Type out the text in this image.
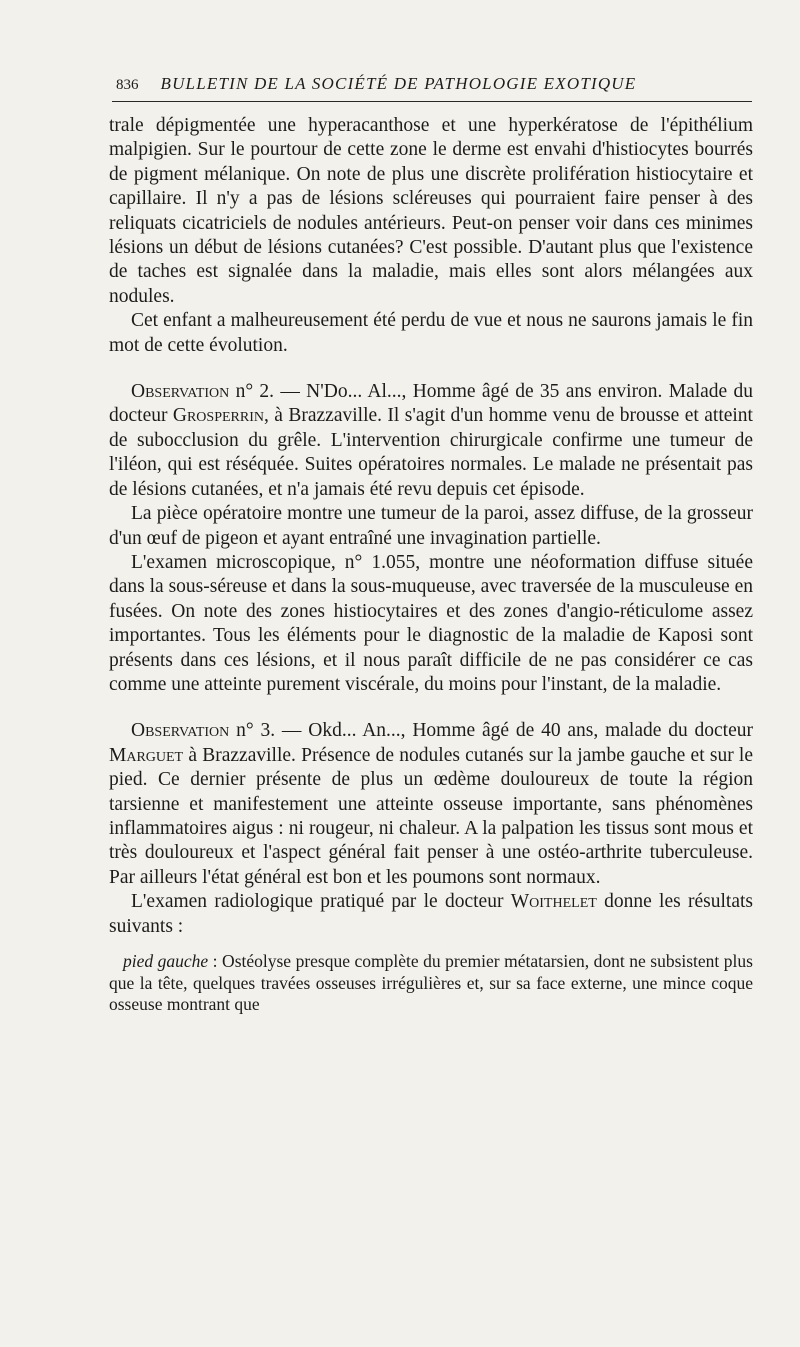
836 BULLETIN DE LA SOCIÉTÉ DE PATHOLOGIE EXOTIQUE

trale dépigmentée une hyperacanthose et une hyperkératose de l'épithélium malpigien. Sur le pourtour de cette zone le derme est envahi d'histiocytes bourrés de pigment mélanique. On note de plus une discrète prolifération histiocytaire et capillaire. Il n'y a pas de lésions scléreuses qui pourraient faire penser à des reliquats cicatriciels de nodules antérieurs. Peut-on penser voir dans ces minimes lésions un début de lésions cutanées? C'est possible. D'autant plus que l'existence de taches est signalée dans la maladie, mais elles sont alors mélangées aux nodules.

Cet enfant a malheureusement été perdu de vue et nous ne saurons jamais le fin mot de cette évolution.

Observation n° 2. — N'Do... Al..., Homme âgé de 35 ans environ. Malade du docteur Grosperrin, à Brazzaville. Il s'agit d'un homme venu de brousse et atteint de subocclusion du grêle. L'intervention chirurgicale confirme une tumeur de l'iléon, qui est réséquée. Suites opératoires normales. Le malade ne présentait pas de lésions cutanées, et n'a jamais été revu depuis cet épisode.

La pièce opératoire montre une tumeur de la paroi, assez diffuse, de la grosseur d'un œuf de pigeon et ayant entraîné une invagination partielle.

L'examen microscopique, n° 1.055, montre une néoformation diffuse située dans la sous-séreuse et dans la sous-muqueuse, avec traversée de la musculeuse en fusées. On note des zones histiocytaires et des zones d'angio-réticulome assez importantes. Tous les éléments pour le diagnostic de la maladie de Kaposi sont présents dans ces lésions, et il nous paraît difficile de ne pas considérer ce cas comme une atteinte purement viscérale, du moins pour l'instant, de la maladie.

Observation n° 3. — Okd... An..., Homme âgé de 40 ans, malade du docteur Marguet à Brazzaville. Présence de nodules cutanés sur la jambe gauche et sur le pied. Ce dernier présente de plus un œdème douloureux de toute la région tarsienne et manifestement une atteinte osseuse importante, sans phénomènes inflammatoires aigus : ni rougeur, ni chaleur. A la palpation les tissus sont mous et très douloureux et l'aspect général fait penser à une ostéo-arthrite tuberculeuse. Par ailleurs l'état général est bon et les poumons sont normaux.

L'examen radiologique pratiqué par le docteur Woithelet donne les résultats suivants :

pied gauche : Ostéolyse presque complète du premier métatarsien, dont ne subsistent plus que la tête, quelques travées osseuses irrégulières et, sur sa face externe, une mince coque osseuse montrant que
